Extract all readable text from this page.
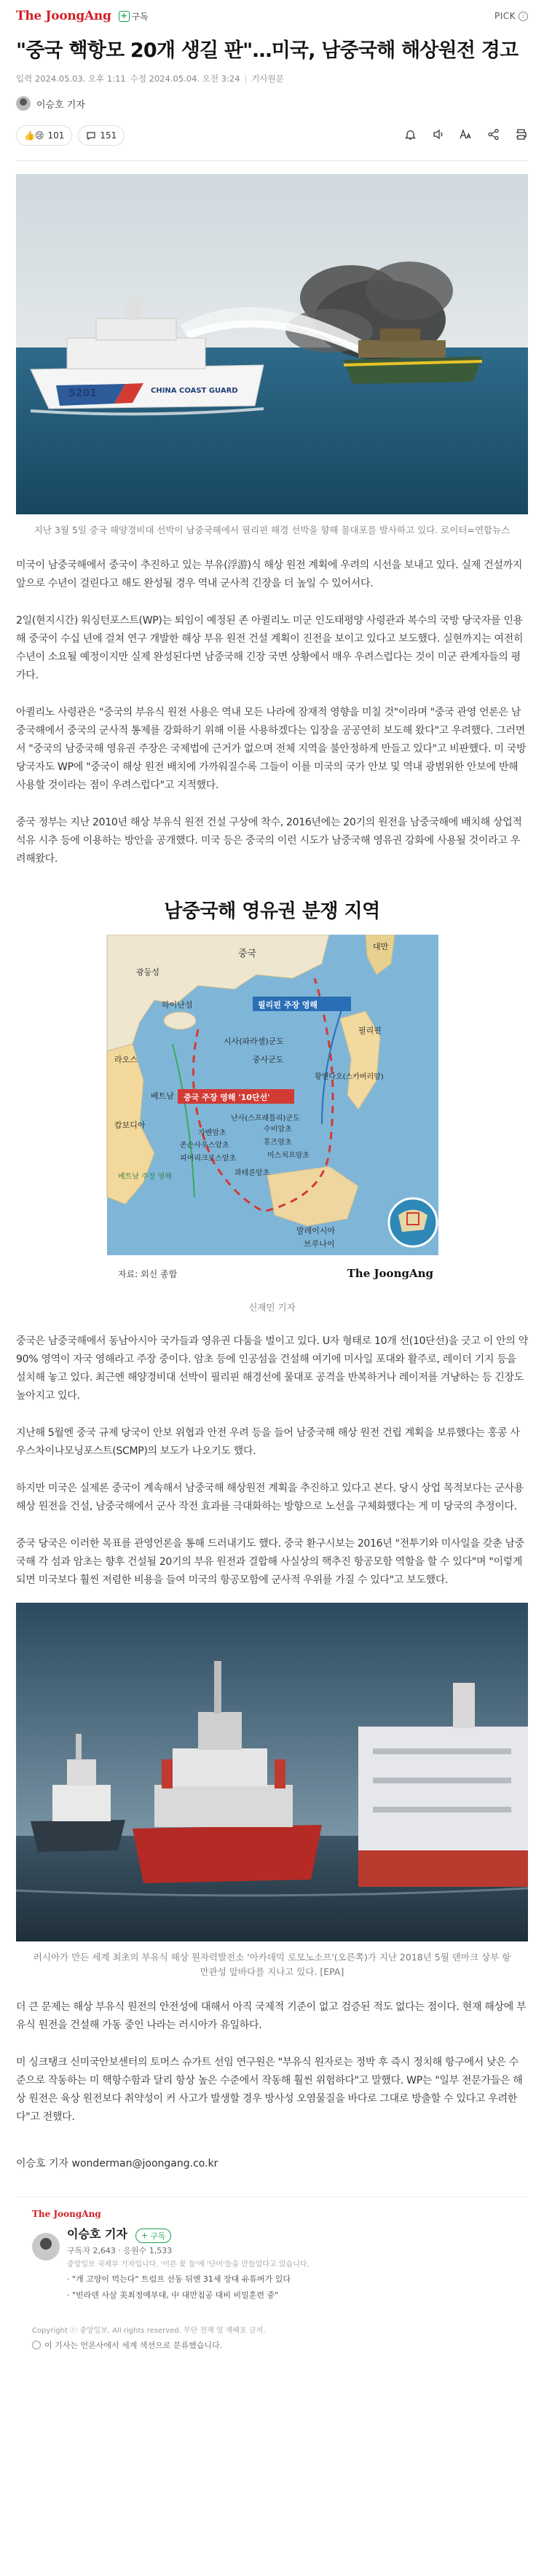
The JoongAng + 구독	PICK	i
"중국 핵항모 20개 생길 판"…미국, 남중국해 해상원전 경고
입력 2024.05.03. 오후 1:11 수정 2024.05.04. 오전 3:24 | 기사원문
이승호 기자
👍😢 101	151
5201	CHINA COAST GUARD
지난 3월 5일 중국 해양경비대 선박이 남중국해에서 필리핀 해경 선박을 향해 물대포를 발사하고 있다. 로이터=연합뉴스

미국이 남중국해에서 중국이 추진하고 있는 부유(浮游)식 해상 원전 계획에 우려의 시선을 보내고 있다. 실제 건설까지 앞으로 수년이 걸린다고 해도 완성될 경우 역내 군사적 긴장을 더 높일 수 있어서다.

2일(현지시간) 워싱턴포스트(WP)는 퇴임이 예정된 존 아퀼리노 미군 인도태평양 사령관과 복수의 국방 당국자를 인용해 중국이 수십 년에 걸쳐 연구 개발한 해상 부유 원전 건설 계획이 진전을 보이고 있다고 보도했다. 실현까지는 여전히 수년이 소요될 예정이지만 실제 완성된다면 남중국해 긴장 국면 상황에서 매우 우려스럽다는 것이 미군 관계자들의 평가다.

아퀼리노 사령관은 "중국의 부유식 원전 사용은 역내 모든 나라에 잠재적 영향을 미칠 것"이라며 "중국 관영 언론은 남중국해에서 중국의 군사적 통제를 강화하기 위해 이를 사용하겠다는 입장을 공공연히 보도해 왔다"고 우려했다. 그러면서 "중국의 남중국해 영유권 주장은 국제법에 근거가 없으며 전체 지역을 불안정하게 만들고 있다"고 비판했다. 미 국방 당국자도 WP에 "중국이 해상 원전 배치에 가까워질수록 그들이 이를 미국의 국가 안보 및 역내 광범위한 안보에 반해 사용할 것이라는 점이 우려스럽다"고 지적했다.

중국 정부는 지난 2010년 해상 부유식 원전 건설 구상에 착수, 2016년에는 20기의 원전을 남중국해에 배치해 상업적 석유 시추 등에 이용하는 방안을 공개했다. 미국 등은 중국의 이런 시도가 남중국해 영유권 강화에 사용될 것이라고 우려해왔다.

남중국해 영유권 분쟁 지역
중국
대만
광둥성
하이난섬
라오스
캄보디아
베트남
베트남 주장 영해
필리핀
시사(파라셀)군도
중사군도
황옌다오(스카버러암)
난사(스프래틀리)군도
가벤암초	수비암초
존슨사우스암초	휴즈암초
피어리크로스암초	미스치프암초
콰테론암초
말레이시아
브루나이
중국 주장 영해 '10단선'
필리핀 주장 영해
자료: 외신 종합	The JoongAng
신재민 기자

중국은 남중국해에서 동남아시아 국가들과 영유권 다툼을 벌이고 있다. U자 형태로 10개 선(10단선)을 긋고 이 안의 약 90% 영역이 자국 영해라고 주장 중이다. 암초 등에 인공섬을 건설해 여기에 미사일 포대와 활주로, 레이더 기지 등을 설치해 놓고 있다. 최근엔 해양경비대 선박이 필리핀 해경선에 물대포 공격을 반복하거나 레이저를 겨냥하는 등 긴장도 높아지고 있다.

지난해 5월엔 중국 규제 당국이 안보 위협과 안전 우려 등을 들어 남중국해 해상 원전 건립 계획을 보류했다는 홍콩 사우스차이나모닝포스트(SCMP)의 보도가 나오기도 했다.

하지만 미국은 실제론 중국이 계속해서 남중국해 해상원전 계획을 추진하고 있다고 본다. 당시 상업 목적보다는 군사용 해상 원전을 건설, 남중국해에서 군사 작전 효과를 극대화하는 방향으로 노선을 구체화했다는 게 미 당국의 추정이다.

중국 당국은 이러한 목표를 관영언론을 통해 드러내기도 했다. 중국 환구시보는 2016년 "전투기와 미사일을 갖춘 남중국해 각 섬과 암초는 향후 건설될 20기의 부유 원전과 결합해 사실상의 핵추진 항공모함 역할을 할 수 있다"며 "이렇게 되면 미국보다 훨씬 저렴한 비용을 들여 미국의 항공모함에 군사적 우위를 가질 수 있다"고 보도했다.

러시아가 만든 세계 최초의 부유식 해상 원자력발전소 '아카데믹 로모노소프'(오른쪽)가 지난 2018년 5월 덴마크 상부 항만관성 앞바다를 지나고 있다. [EPA]

더 큰 문제는 해상 부유식 원전의 안전성에 대해서 아직 국제적 기준이 없고 검증된 적도 없다는 점이다. 현재 해상에 부유식 원전을 건설해 가동 중인 나라는 러시아가 유일하다.

미 싱크탱크 신미국안보센터의 토머스 슈가트 선임 연구원은 "부유식 원자로는 정박 후 즉시 정치해 항구에서 낮은 수준으로 작동하는 미 핵항수함과 달리 항상 높은 수준에서 작동해 훨씬 위험하다"고 말했다. WP는 "일부 전문가들은 해상 원전은 육상 원전보다 취약성이 커 사고가 발생할 경우 방사성 오염물질을 바다로 그대로 방출할 수 있다고 우려한다"고 전했다.

이승호 기자 wonderman@joongang.co.kr
The JoongAng
이승호 기자 + 구독
구독자 2,643 · 응원수 1,533
중앙일보 국제부 기자입니다. '이른 꽃 들'에 '단어'들을 만들었다고 있습니다.
· "개 고양이 먹는다" 트럼프 선동 뒤엔 31세 장대 유튜버가 있다
· "빈라덴 사살 美최정예부대, 中 대만침공 대비 비밀훈련 중"
Copyright ⓒ 중앙일보. All rights reserved. 무단 전재 및 재배포 금지.
이 기사는 언론사에서 세계 섹션으로 분류했습니다.
